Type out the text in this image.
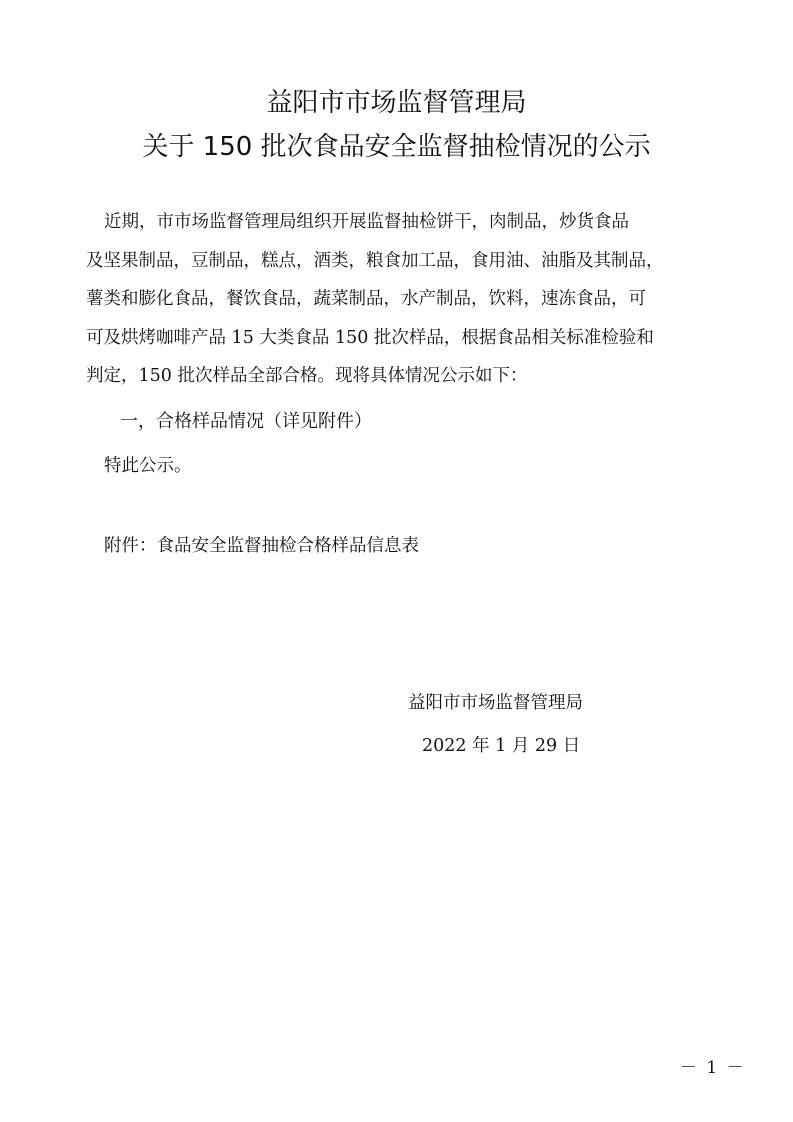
益阳市市场监督管理局
关于 150 批次食品安全监督抽检情况的公示
近期，市市场监督管理局组织开展监督抽检饼干，肉制品，炒货食品
及坚果制品，豆制品，糕点，酒类，粮食加工品，食用油、油脂及其制品，
薯类和膨化食品，餐饮食品，蔬菜制品，水产制品，饮料，速冻食品，可
可及烘烤咖啡产品 15 大类食品 150 批次样品，根据食品相关标准检验和
判定，150 批次样品全部合格。现将具体情况公示如下：

一，合格样品情况（详见附件）

特此公示。

附件：食品安全监督抽检合格样品信息表

益阳市市场监督管理局

2022 年 1 月 29 日

－ 1 －
